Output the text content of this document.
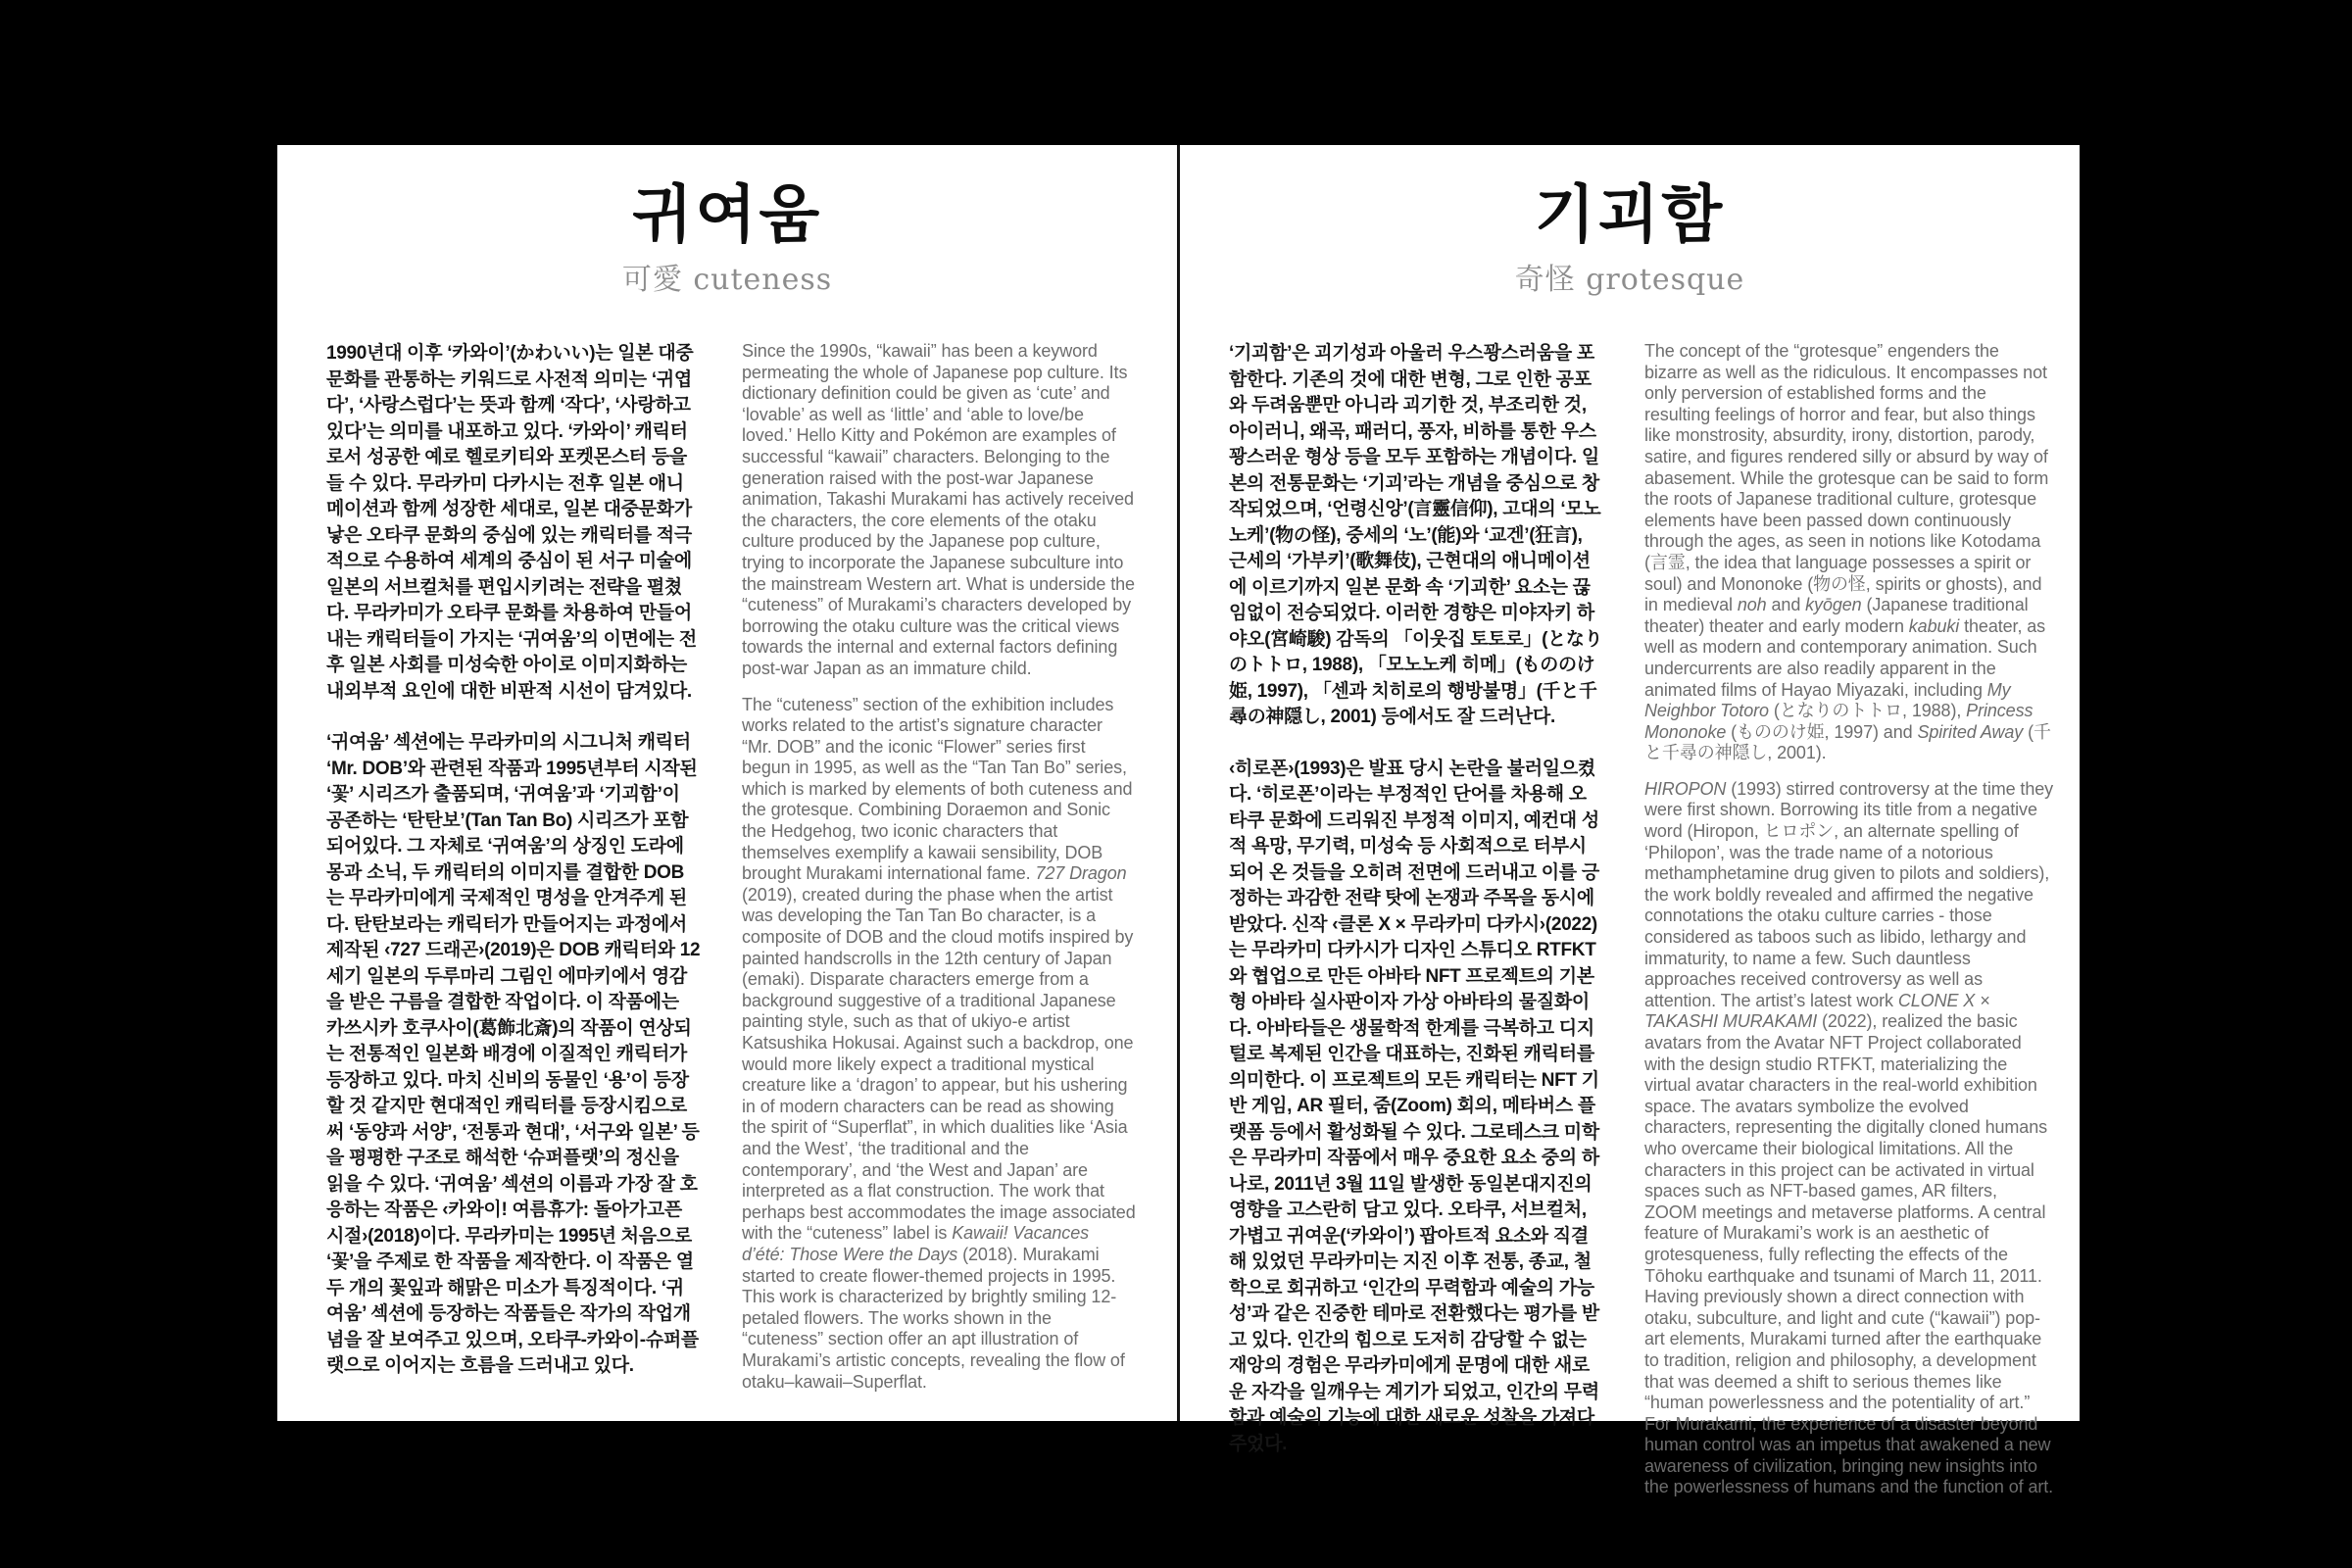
귀여움
可愛 cuteness

1990년대 이후 ‘카와이’(かわいい)는 일본 대중문화를 관통하는 키워드로 사전적 의미는 ‘귀엽다’, ‘사랑스럽다’는 뜻과 함께 ‘작다’, ‘사랑하고 있다’는 의미를 내포하고 있다. ‘카와이’ 캐릭터로서 성공한 예로 헬로키티와 포켓몬스터 등을 들 수 있다. 무라카미 다카시는 전후 일본 애니메이션과 함께 성장한 세대로, 일본 대중문화가 낳은 오타쿠 문화의 중심에 있는 캐릭터를 적극적으로 수용하여 세계의 중심이 된 서구 미술에 일본의 서브컬처를 편입시키려는 전략을 펼쳤다. 무라카미가 오타쿠 문화를 차용하여 만들어내는 캐릭터들이 가지는 ‘귀여움’의 이면에는 전후 일본 사회를 미성숙한 아이로 이미지화하는 내외부적 요인에 대한 비판적 시선이 담겨있다.

‘귀여움’ 섹션에는 무라카미의 시그니처 캐릭터 ‘Mr. DOB’와 관련된 작품과 1995년부터 시작된 ‘꽃’ 시리즈가 출품되며, ‘귀여움’과 ‘기괴함’이 공존하는 ‘탄탄보’(Tan Tan Bo) 시리즈가 포함되어있다. 그 자체로 ‘귀여움’의 상징인 도라에몽과 소닉, 두 캐릭터의 이미지를 결합한 DOB는 무라카미에게 국제적인 명성을 안겨주게 된다. 탄탄보라는 캐릭터가 만들어지는 과정에서 제작된 ‹727 드래곤›(2019)은 DOB 캐릭터와 12세기 일본의 두루마리 그림인 에마키에서 영감을 받은 구름을 결합한 작업이다. 이 작품에는 카쓰시카 호쿠사이(葛飾北斎)의 작품이 연상되는 전통적인 일본화 배경에 이질적인 캐릭터가 등장하고 있다. 마치 신비의 동물인 ‘용’이 등장할 것 같지만 현대적인 캐릭터를 등장시킴으로써 ‘동양과 서양’, ‘전통과 현대’, ‘서구와 일본’ 등을 평평한 구조로 해석한 ‘슈퍼플랫’의 정신을 읽을 수 있다. ‘귀여움’ 섹션의 이름과 가장 잘 호응하는 작품은 ‹카와이! 여름휴가: 돌아가고픈 시절›(2018)이다. 무라카미는 1995년 처음으로 ‘꽃’을 주제로 한 작품을 제작한다. 이 작품은 열두 개의 꽃잎과 해맑은 미소가 특징적이다. ‘귀여움’ 섹션에 등장하는 작품들은 작가의 작업개념을 잘 보여주고 있으며, 오타쿠-카와이-슈퍼플랫으로 이어지는 흐름을 드러내고 있다.

Since the 1990s, “kawaii” has been a keyword permeating the whole of Japanese pop culture. Its dictionary definition could be given as ‘cute’ and ‘lovable’ as well as ‘little’ and ‘able to love/be loved.’ Hello Kitty and Pokémon are examples of successful “kawaii” characters. Belonging to the generation raised with the post-war Japanese animation, Takashi Murakami has actively received the characters, the core elements of the otaku culture produced by the Japanese pop culture, trying to incorporate the Japanese subculture into the mainstream Western art. What is underside the “cuteness” of Murakami’s characters developed by borrowing the otaku culture was the critical views towards the internal and external factors defining post-war Japan as an immature child.

The “cuteness” section of the exhibition includes works related to the artist’s signature character “Mr. DOB” and the iconic “Flower” series first begun in 1995, as well as the “Tan Tan Bo” series, which is marked by elements of both cuteness and the grotesque. Combining Doraemon and Sonic the Hedgehog, two iconic characters that themselves exemplify a kawaii sensibility, DOB brought Murakami international fame. 727 Dragon (2019), created during the phase when the artist was developing the Tan Tan Bo character, is a composite of DOB and the cloud motifs inspired by painted handscrolls in the 12th century of Japan (emaki). Disparate characters emerge from a background suggestive of a traditional Japanese painting style, such as that of ukiyo-e artist Katsushika Hokusai. Against such a backdrop, one would more likely expect a traditional mystical creature like a ‘dragon’ to appear, but his ushering in of modern characters can be read as showing the spirit of “Superflat”, in which dualities like ‘Asia and the West’, ‘the traditional and the contemporary’, and ‘the West and Japan’ are interpreted as a flat construction. The work that perhaps best accommodates the image associated with the “cuteness” label is Kawaii! Vacances d’été: Those Were the Days (2018). Murakami started to create flower-themed projects in 1995. This work is characterized by brightly smiling 12-petaled flowers. The works shown in the “cuteness” section offer an apt illustration of Murakami’s artistic concepts, revealing the flow of otaku–kawaii–Superflat.

기괴함
奇怪 grotesque

‘기괴함’은 괴기성과 아울러 우스꽝스러움을 포함한다. 기존의 것에 대한 변형, 그로 인한 공포와 두려움뿐만 아니라 괴기한 것, 부조리한 것, 아이러니, 왜곡, 패러디, 풍자, 비하를 통한 우스꽝스러운 형상 등을 모두 포함하는 개념이다. 일본의 전통문화는 ‘기괴’라는 개념을 중심으로 창작되었으며, ‘언령신앙’(言靈信仰), 고대의 ‘모노노케’(物の怪), 중세의 ‘노’(能)와 ‘교겐’(狂言), 근세의 ‘가부키’(歌舞伎), 근현대의 애니메이션에 이르기까지 일본 문화 속 ‘기괴한’ 요소는 끊임없이 전승되었다. 이러한 경향은 미야자키 하야오(宮崎駿) 감독의 「이웃집 토토로」(となりのトトロ, 1988), 「모노노케 히메」(もののけ姫, 1997), 「센과 치히로의 행방불명」(千と千尋の神隠し, 2001) 등에서도 잘 드러난다.

‹히로폰›(1993)은 발표 당시 논란을 불러일으켰다. ‘히로폰’이라는 부정적인 단어를 차용해 오타쿠 문화에 드리워진 부정적 이미지, 예컨대 성적 욕망, 무기력, 미성숙 등 사회적으로 터부시되어 온 것들을 오히려 전면에 드러내고 이를 긍정하는 과감한 전략 탓에 논쟁과 주목을 동시에 받았다. 신작 ‹클론 X × 무라카미 다카시›(2022)는 무라카미 다카시가 디자인 스튜디오 RTFKT와 협업으로 만든 아바타 NFT 프로젝트의 기본형 아바타 실사판이자 가상 아바타의 물질화이다. 아바타들은 생물학적 한계를 극복하고 디지털로 복제된 인간을 대표하는, 진화된 캐릭터를 의미한다. 이 프로젝트의 모든 캐릭터는 NFT 기반 게임, AR 필터, 줌(Zoom) 회의, 메타버스 플랫폼 등에서 활성화될 수 있다. 그로테스크 미학은 무라카미 작품에서 매우 중요한 요소 중의 하나로, 2011년 3월 11일 발생한 동일본대지진의 영향을 고스란히 담고 있다. 오타쿠, 서브컬처, 가볍고 귀여운(‘카와이’) 팝아트적 요소와 직결해 있었던 무라카미는 지진 이후 전통, 종교, 철학으로 회귀하고 ‘인간의 무력함과 예술의 가능성’과 같은 진중한 테마로 전환했다는 평가를 받고 있다. 인간의 힘으로 도저히 감당할 수 없는 재앙의 경험은 무라카미에게 문명에 대한 새로운 자각을 일깨우는 계기가 되었고, 인간의 무력함과 예술의 기능에 대한 새로운 성찰을 가져다주었다.

The concept of the “grotesque” engenders the bizarre as well as the ridiculous. It encompasses not only perversion of established forms and the resulting feelings of horror and fear, but also things like monstrosity, absurdity, irony, distortion, parody, satire, and figures rendered silly or absurd by way of abasement. While the grotesque can be said to form the roots of Japanese traditional culture, grotesque elements have been passed down continuously through the ages, as seen in notions like Kotodama (言霊, the idea that language possesses a spirit or soul) and Mononoke (物の怪, spirits or ghosts), and in medieval noh and kyōgen (Japanese traditional theater) theater and early modern kabuki theater, as well as modern and contemporary animation. Such undercurrents are also readily apparent in the animated films of Hayao Miyazaki, including My Neighbor Totoro (となりのトトロ, 1988), Princess Mononoke (もののけ姫, 1997) and Spirited Away (千と千尋の神隠し, 2001).

HIROPON (1993) stirred controversy at the time they were first shown. Borrowing its title from a negative word (Hiropon, ヒロポン, an alternate spelling of ‘Philopon’, was the trade name of a notorious methamphetamine drug given to pilots and soldiers), the work boldly revealed and affirmed the negative connotations the otaku culture carries - those considered as taboos such as libido, lethargy and immaturity, to name a few. Such dauntless approaches received controversy as well as attention. The artist’s latest work CLONE X × TAKASHI MURAKAMI (2022), realized the basic avatars from the Avatar NFT Project collaborated with the design studio RTFKT, materializing the virtual avatar characters in the real-world exhibition space. The avatars symbolize the evolved characters, representing the digitally cloned humans who overcame their biological limitations. All the characters in this project can be activated in virtual spaces such as NFT-based games, AR filters, ZOOM meetings and metaverse platforms. A central feature of Murakami’s work is an aesthetic of grotesqueness, fully reflecting the effects of the Tōhoku earthquake and tsunami of March 11, 2011. Having previously shown a direct connection with otaku, subculture, and light and cute (“kawaii”) pop-art elements, Murakami turned after the earthquake to tradition, religion and philosophy, a development that was deemed a shift to serious themes like “human powerlessness and the potentiality of art.” For Murakami, the experience of a disaster beyond human control was an impetus that awakened a new awareness of civilization, bringing new insights into the powerlessness of humans and the function of art.
